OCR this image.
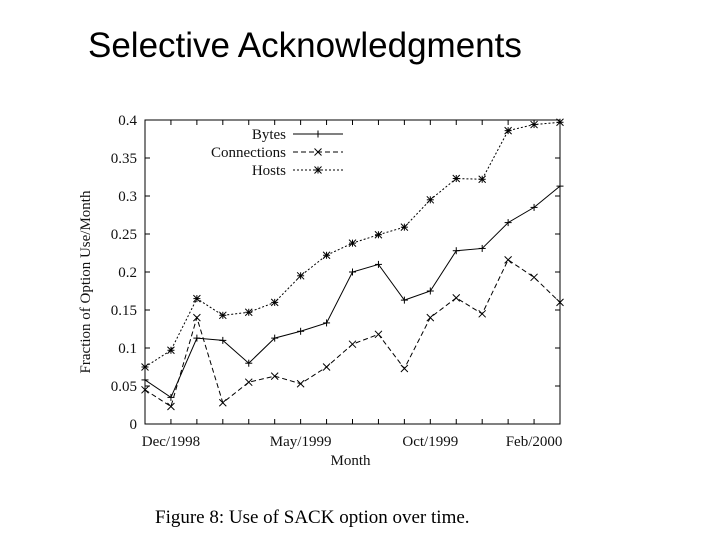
Selective Acknowledgments
Bytes
Connections
Hosts
0
0.05
0.1
0.15
0.2
0.25
0.3
0.35
0.4
Dec/1998	May/1999	Oct/1999	Feb/2000
Month
Fraction of Option Use/Month
Figure 8: Use of SACK option over time.
